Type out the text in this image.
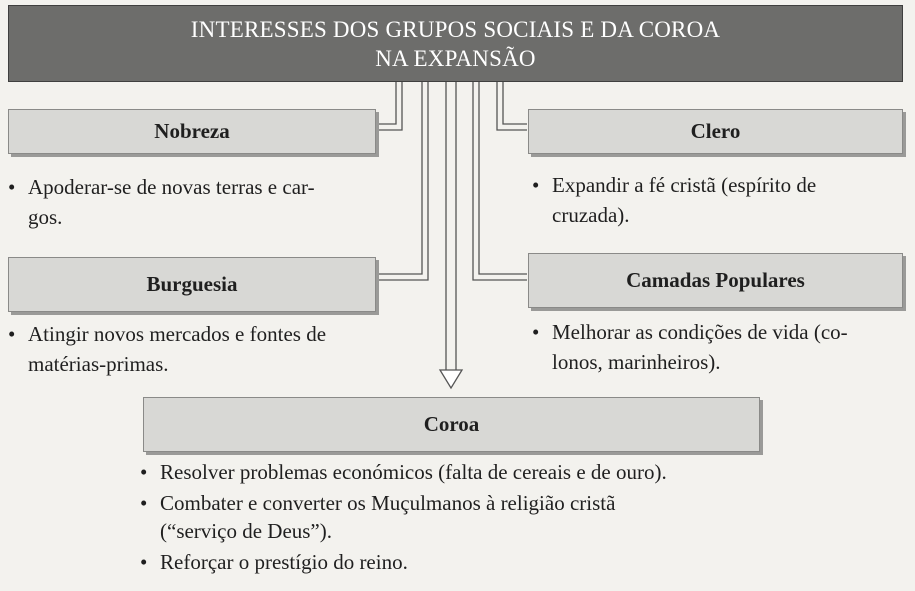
INTERESSES DOS GRUPOS SOCIAIS E DA COROA
NA EXPANSÃO
Nobreza
• Apoderar-se de novas terras e car-
gos.
Clero
• Expandir a fé cristã (espírito de
cruzada).
Burguesia
• Atingir novos mercados e fontes de
matérias-primas.
Camadas Populares
• Melhorar as condições de vida (co-
lonos, marinheiros).
Coroa
• Resolver problemas económicos (falta de cereais e de ouro).
• Combater e converter os Muçulmanos à religião cristã
(“serviço de Deus”).
• Reforçar o prestígio do reino.
